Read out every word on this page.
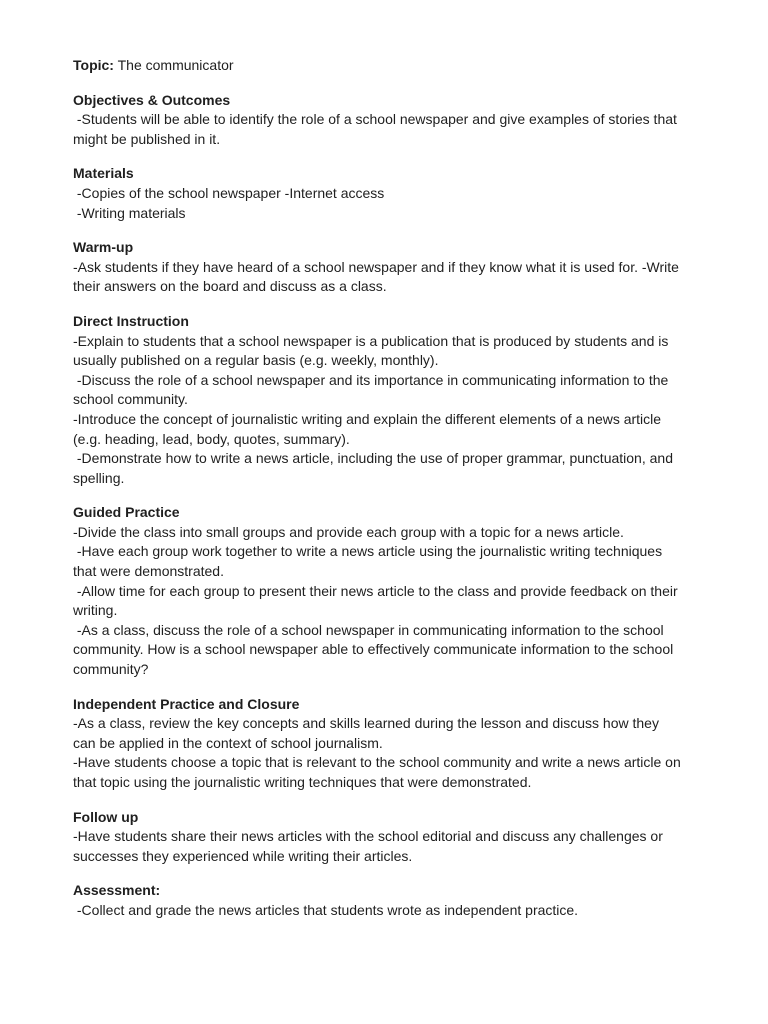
Topic: The communicator

Objectives & Outcomes

-Students will be able to identify the role of a school newspaper and give examples of stories that might be published in it.

Materials

-Copies of the school newspaper -Internet access

-Writing materials

Warm-up

-Ask students if they have heard of a school newspaper and if they know what it is used for. -Write their answers on the board and discuss as a class.

Direct Instruction

-Explain to students that a school newspaper is a publication that is produced by students and is usually published on a regular basis (e.g. weekly, monthly).

-Discuss the role of a school newspaper and its importance in communicating information to the school community.

-Introduce the concept of journalistic writing and explain the different elements of a news article (e.g. heading, lead, body, quotes, summary).

-Demonstrate how to write a news article, including the use of proper grammar, punctuation, and spelling.

Guided Practice

-Divide the class into small groups and provide each group with a topic for a news article.

-Have each group work together to write a news article using the journalistic writing techniques that were demonstrated.

-Allow time for each group to present their news article to the class and provide feedback on their writing.

-As a class, discuss the role of a school newspaper in communicating information to the school community. How is a school newspaper able to effectively communicate information to the school community?

Independent Practice and Closure

-As a class, review the key concepts and skills learned during the lesson and discuss how they can be applied in the context of school journalism.

-Have students choose a topic that is relevant to the school community and write a news article on that topic using the journalistic writing techniques that were demonstrated.

Follow up

-Have students share their news articles with the school editorial and discuss any challenges or successes they experienced while writing their articles.

Assessment:

-Collect and grade the news articles that students wrote as independent practice.
